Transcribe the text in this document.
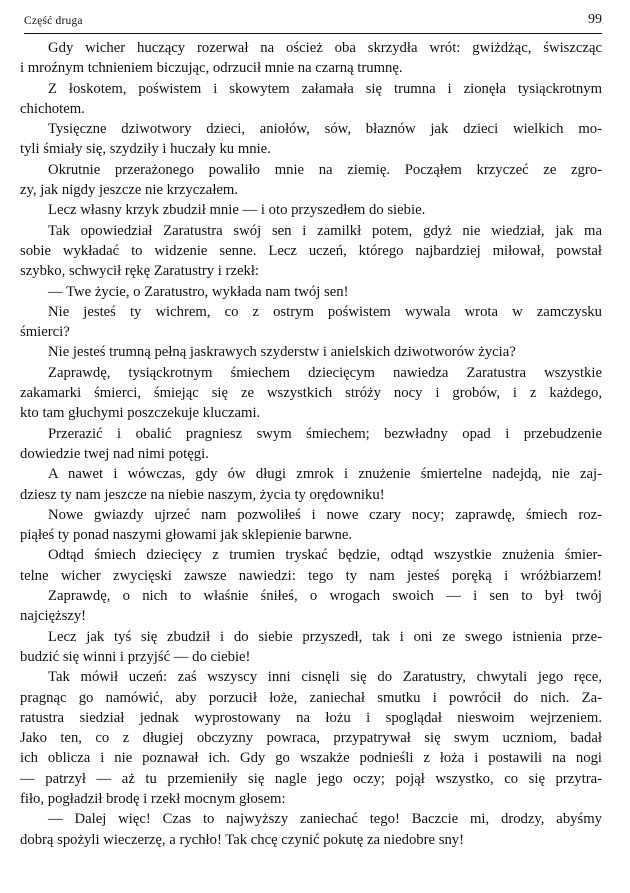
Część druga	99
Gdy wicher huczący rozerwał na oścież oba skrzydła wrót: gwiżdżąc, świszcząc
i mroźnym tchnieniem biczując, odrzucił mnie na czarną trumnę.
Z łoskotem, poświstem i skowytem załamała się trumna i zionęła tysiąckrotnym
chichotem.
Tysięczne dziwotwory dzieci, aniołów, sów, błaznów jak dzieci wielkich mo-
tyli śmiały się, szydziły i huczały ku mnie.
Okrutnie przerażonego powaliło mnie na ziemię. Począłem krzyczeć ze zgro-
zy, jak nigdy jeszcze nie krzyczałem.
Lecz własny krzyk zbudził mnie — i oto przyszedłem do siebie.
Tak opowiedział Zaratustra swój sen i zamilkł potem, gdyż nie wiedział, jak ma
sobie wykładać to widzenie senne. Lecz uczeń, którego najbardziej miłował, powstał
szybko, schwycił rękę Zaratustry i rzekł:
— Twe życie, o Zaratustro, wykłada nam twój sen!
Nie jesteś ty wichrem, co z ostrym poświstem wywala wrota w zamczysku
śmierci?
Nie jesteś trumną pełną jaskrawych szyderstw i anielskich dziwotworów życia?
Zaprawdę, tysiąckrotnym śmiechem dziecięcym nawiedza Zaratustra wszystkie
zakamarki śmierci, śmiejąc się ze wszystkich stróży nocy i grobów, i z każdego,
kto tam głuchymi poszczekuje kluczami.
Przerazić i obalić pragniesz swym śmiechem; bezwładny opad i przebudzenie
dowiedzie twej nad nimi potęgi.
A nawet i wówczas, gdy ów długi zmrok i znużenie śmiertelne nadejdą, nie zaj-
dziesz ty nam jeszcze na niebie naszym, życia ty orędowniku!
Nowe gwiazdy ujrzeć nam pozwoliłeś i nowe czary nocy; zaprawdę, śmiech roz-
piąłeś ty ponad naszymi głowami jak sklepienie barwne.
Odtąd śmiech dziecięcy z trumien tryskać będzie, odtąd wszystkie znużenia śmier-
telne wicher zwycięski zawsze nawiedzi: tego ty nam jesteś poręką i wróżbiarzem!
Zaprawdę, o nich to właśnie śniłeś, o wrogach swoich — i sen to był twój
najcięższy!
Lecz jak tyś się zbudził i do siebie przyszedł, tak i oni ze swego istnienia prze-
budzić się winni i przyjść — do ciebie!
Tak mówił uczeń: zaś wszyscy inni cisnęli się do Zaratustry, chwytali jego ręce,
pragnąc go namówić, aby porzucił łoże, zaniechał smutku i powrócił do nich. Za-
ratustra siedział jednak wyprostowany na łożu i spoglądał nieswoim wejrzeniem.
Jako ten, co z długiej obczyzny powraca, przypatrywał się swym uczniom, badał
ich oblicza i nie poznawał ich. Gdy go wszakże podnieśli z łoża i postawili na nogi
— patrzył — aż tu przemieniły się nagle jego oczy; pojął wszystko, co się przytra-
fiło, pogładził brodę i rzekł mocnym głosem:
— Dalej więc! Czas to najwyższy zaniechać tego! Baczcie mi, drodzy, abyśmy
dobrą spożyli wieczerzę, a rychło! Tak chcę czynić pokutę za niedobre sny!
